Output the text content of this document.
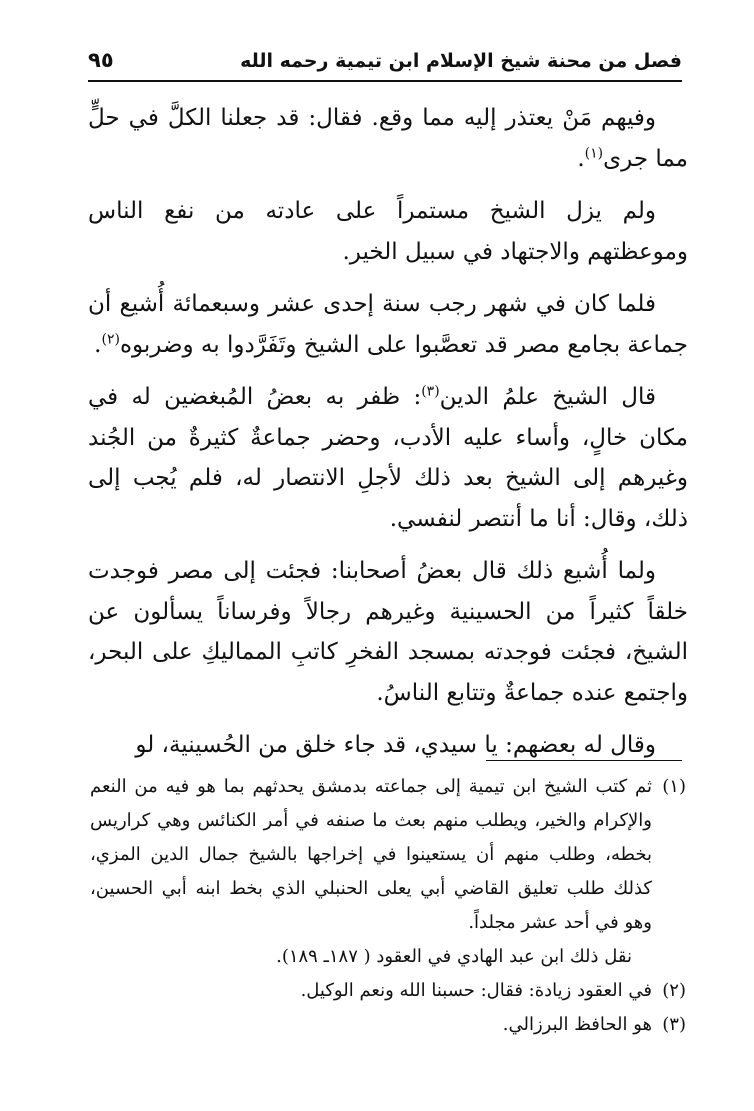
فصل من محنة شيخ الإسلام ابن تيمية رحمه الله
٩٥

وفيهم مَنْ يعتذر إليه مما وقع. فقال: قد جعلنا الكلَّ في حلٍّ مما جرى$^{(١)}$.

ولم يزل الشيخ مستمراً على عادته من نفع الناس وموعظتهم والاجتهاد في سبيل الخير.

فلما كان في شهر رجب سنة إحدى عشر وسبعمائة أُشيع أن جماعة بجامع مصر قد تعصَّبوا على الشيخ وتَفَرَّدوا به وضربوه$^{(٢)}$.

قال الشيخ علمُ الدين$^{(٣)}$: ظفر به بعضُ المُبغضين له في مكان خالٍ، وأساء عليه الأدب، وحضر جماعةٌ كثيرةٌ من الجُند وغيرهم إلى الشيخ بعد ذلك لأجلِ الانتصار له، فلم يُجب إلى ذلك، وقال: أنا ما أنتصر لنفسي.

ولما أُشيع ذلك قال بعضُ أصحابنا: فجئت إلى مصر فوجدت خلقاً كثيراً من الحسينية وغيرهم رجالاً وفرساناً يسألون عن الشيخ، فجئت فوجدته بمسجد الفخرِ كاتبِ المماليكِ على البحر، واجتمع عنده جماعةٌ وتتابع الناسُ.

وقال له بعضهم: يا سيدي، قد جاء خلق من الحُسينية، لو

(١)
ثم كتب الشيخ ابن تيمية إلى جماعته بدمشق يحدثهم بما هو فيه من النعم والإكرام والخير، ويطلب منهم بعث ما صنفه في أمر الكنائس وهي كراريس بخطه، وطلب منهم أن يستعينوا في إخراجها بالشيخ جمال الدين المزي، كذلك طلب تعليق القاضي أبي يعلى الحنبلي الذي بخط ابنه أبي الحسين، وهو في أحد عشر مجلداً.

نقل ذلك ابن عبد الهادي في العقود ( ١٨٧ـ ١٨٩).

(٢)
في العقود زيادة: فقال: حسبنا الله ونعم الوكيل.
(٣)
هو الحافظ البرزالي.
